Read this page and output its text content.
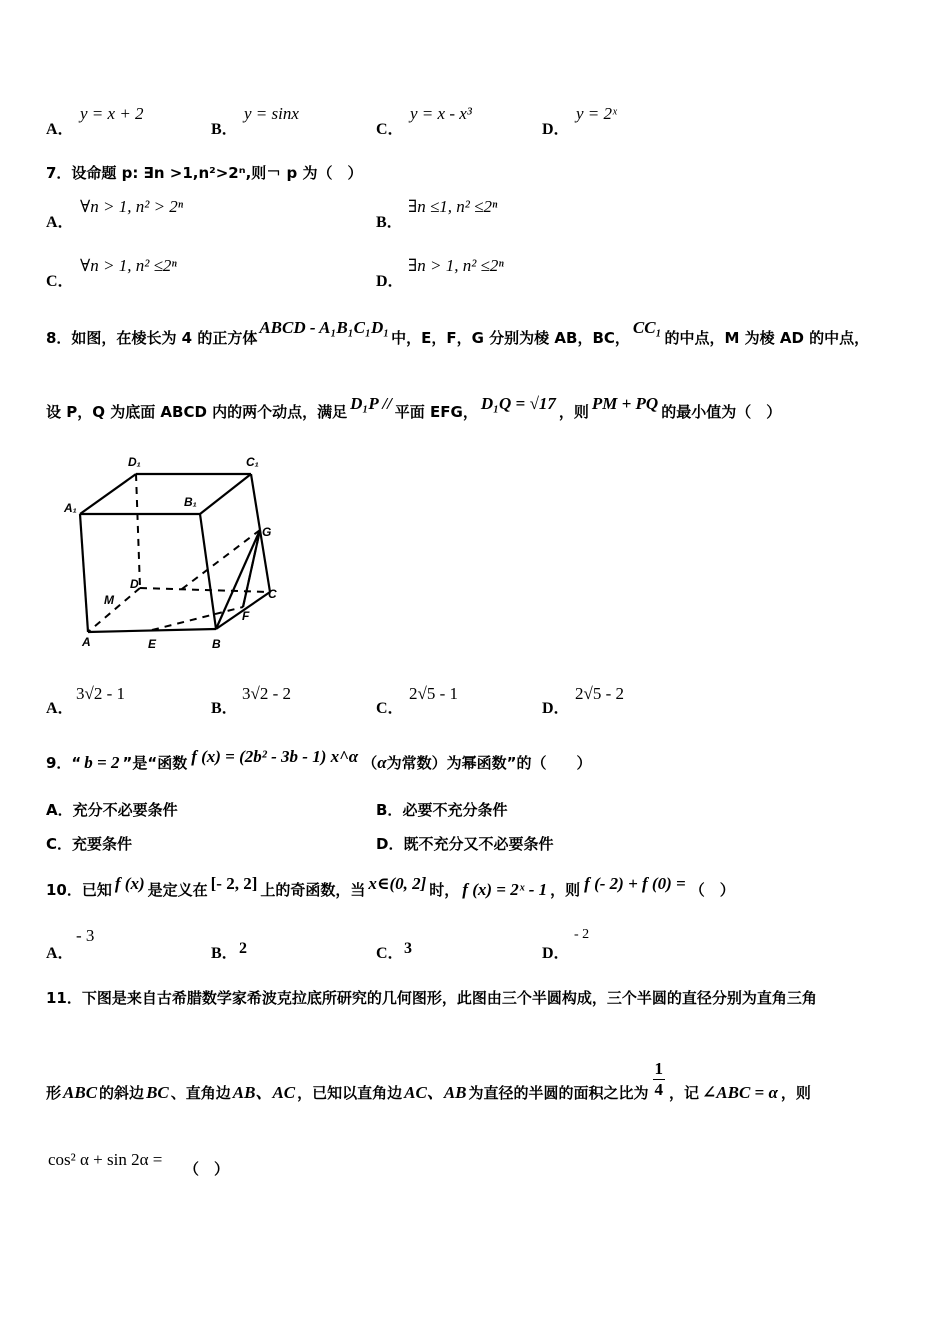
A．
y = x + 2
B．
y = sinx
C．
y = x - x³
D．
y = 2ˣ
7．设命题 p: ∃n >1,n²>2ⁿ,则￢ p 为（　）
A．
∀n > 1, n² > 2ⁿ
B．
∃n ≤1, n² ≤2ⁿ
C．
∀n > 1, n² ≤2ⁿ
D．
∃n > 1, n² ≤2ⁿ
8．如图，在棱长为 4 的正方体ABCD - A₁B₁C₁D₁中，E，F，G 分别为棱 AB，BC，CC₁的中点，M 为棱 AD 的中点，
设 P，Q 为底面 ABCD 内的两个动点，满足 D₁P // 平面 EFG， D₁Q = √17 ，则 PM + PQ 的最小值为（　）
D₁	C₁
A₁	B₁
G
D
C
M
F
A	E	B
A．
3√2 - 1
B．
3√2 - 2
C．
2√5 - 1
D．
2√5 - 2
9．“ b = 2 ”是“函数 f (x) = (2b² - 3b - 1) x^α （α为常数）为幂函数”的（　　）
A．充分不必要条件	B．必要不充分条件
C．充要条件	D．既不充分又不必要条件
10．已知 f (x) 是定义在 [- 2, 2] 上的奇函数，当 x∈(0, 2] 时， f (x) = 2ˣ - 1 ，则 f (- 2) + f (0) = （　）
A．
- 3
B． 2	C． 3	D．
- 2
11．下图是来自古希腊数学家希波克拉底所研究的几何图形，此图由三个半圆构成，三个半圆的直径分别为直角三角
形 ABC 的斜边 BC 、直角边 AB、AC ，已知以直角边 AC、AB 为直径的半圆的面积之比为 $\frac{1}{4}$ ，记 ∠ABC = α ，则
cos² α + sin 2α = （　）
